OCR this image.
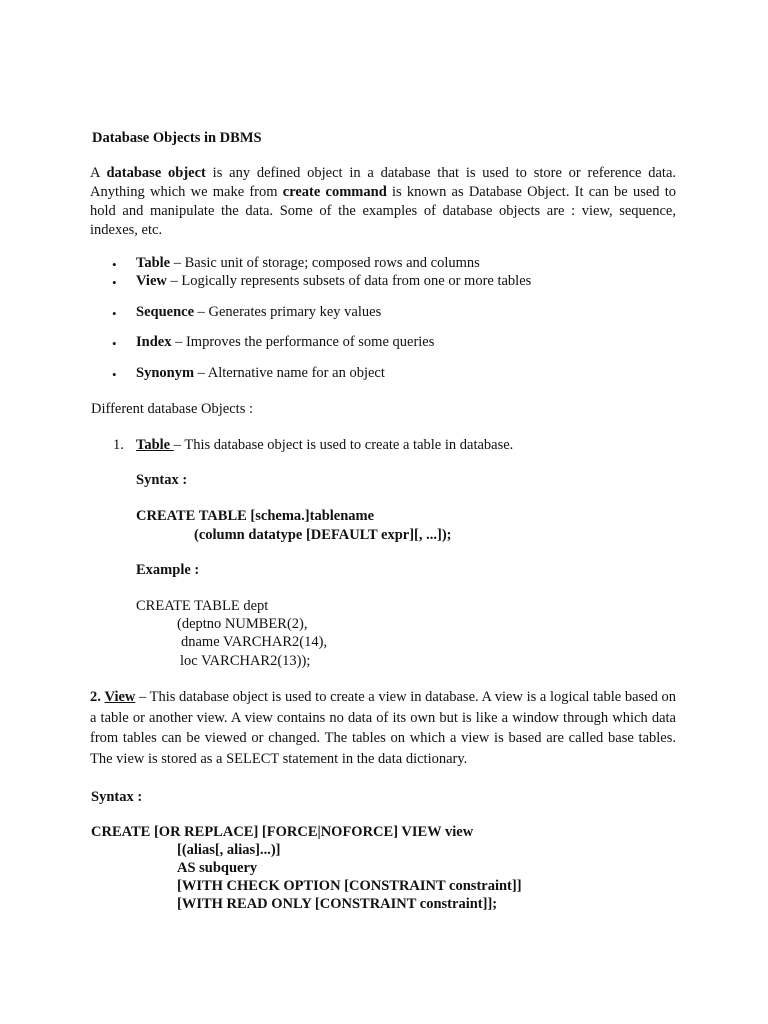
Database Objects in DBMS
A database object is any defined object in a database that is used to store or reference data. Anything which we make from create command is known as Database Object. It can be used to hold and manipulate the data. Some of the examples of database objects are : view, sequence, indexes, etc.
• Table – Basic unit of storage; composed rows and columns
• View – Logically represents subsets of data from one or more tables
• Sequence – Generates primary key values
• Index – Improves the performance of some queries
• Synonym – Alternative name for an object
Different database Objects :
1. Table – This database object is used to create a table in database.
Syntax :
CREATE TABLE [schema.]tablename
(column datatype [DEFAULT expr][, ...]);
Example :
CREATE TABLE dept
(deptno NUMBER(2),
dname VARCHAR2(14),
loc VARCHAR2(13));
2. View – This database object is used to create a view in database. A view is a logical table based on a table or another view. A view contains no data of its own but is like a window through which data from tables can be viewed or changed. The tables on which a view is based are called base tables. The view is stored as a SELECT statement in the data dictionary.
Syntax :
CREATE [OR REPLACE] [FORCE|NOFORCE] VIEW view
[(alias[, alias]...)]
AS subquery
[WITH CHECK OPTION [CONSTRAINT constraint]]
[WITH READ ONLY [CONSTRAINT constraint]];
